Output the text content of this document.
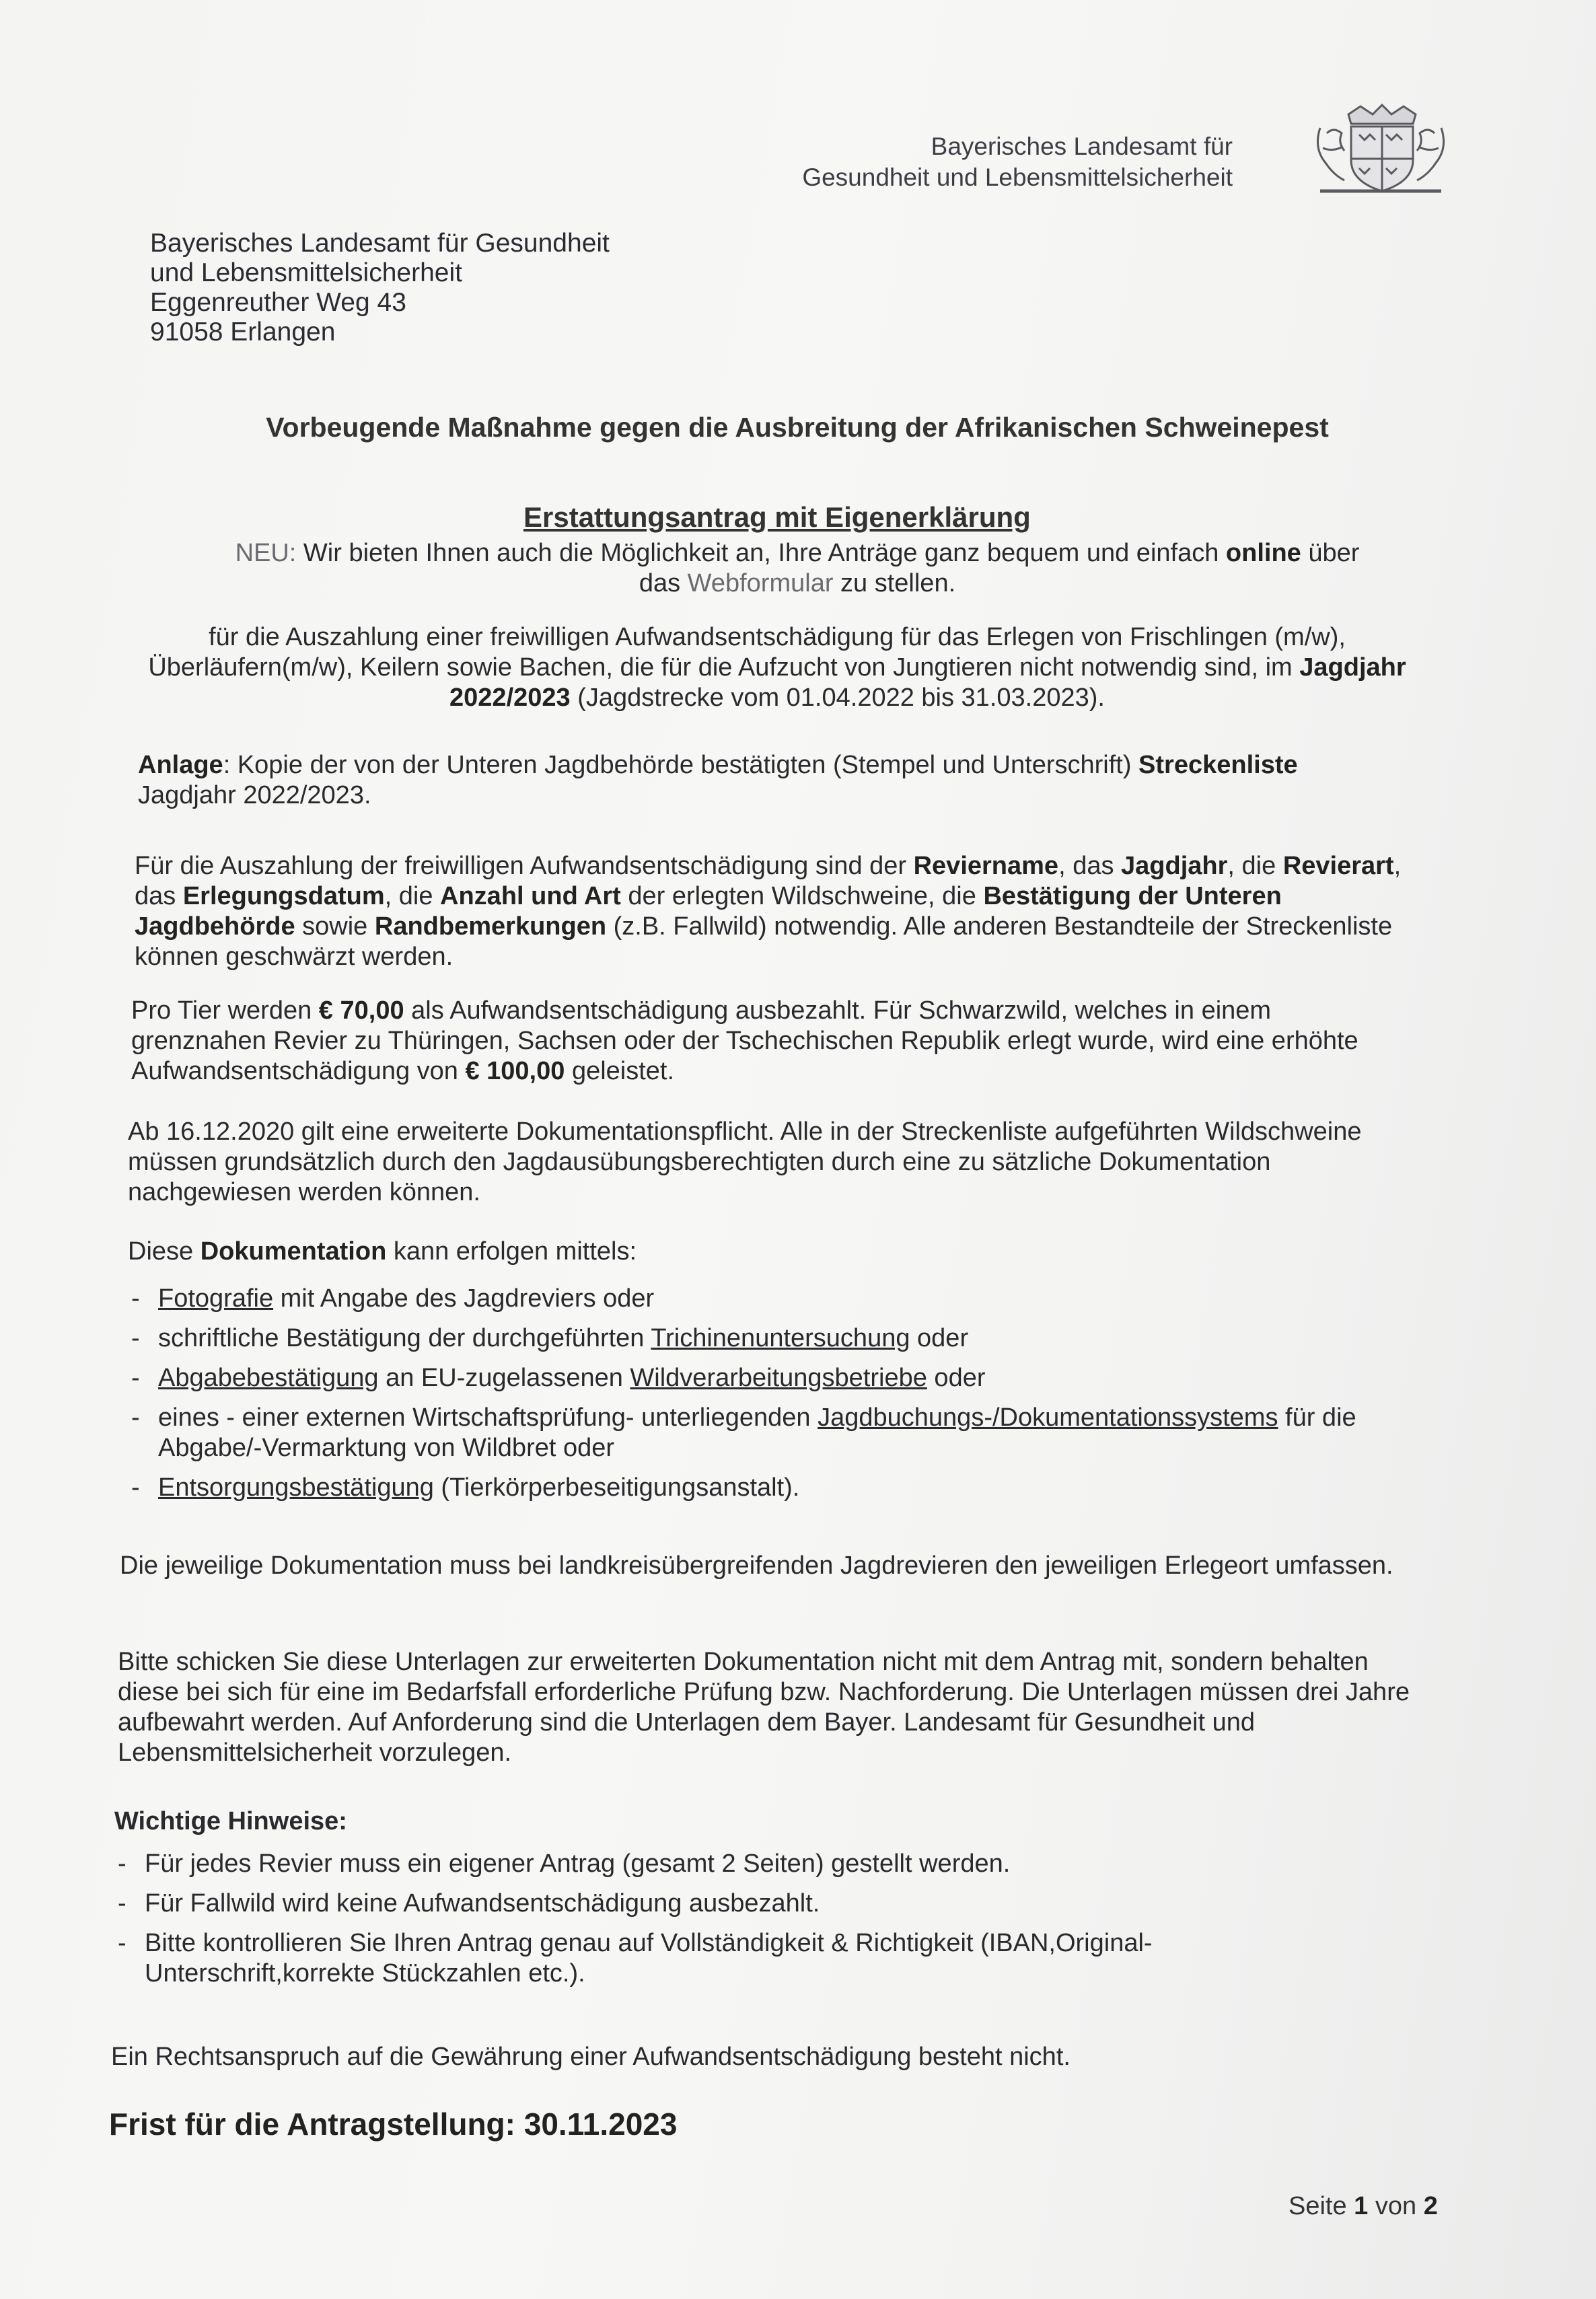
Bayerisches Landesamt für
Gesundheit und Lebensmittelsicherheit
Bayerisches Landesamt für Gesundheit
und Lebensmittelsicherheit
Eggenreuther Weg 43
91058 Erlangen
Vorbeugende Maßnahme gegen die Ausbreitung der Afrikanischen Schweinepest
Erstattungsantrag mit Eigenerklärung
NEU: Wir bieten Ihnen auch die Möglichkeit an, Ihre Anträge ganz bequem und einfach online über
das Webformular zu stellen.
für die Auszahlung einer freiwilligen Aufwandsentschädigung für das Erlegen von Frischlingen (m/w), Überläufern(m/w), Keilern sowie Bachen, die für die Aufzucht von Jungtieren nicht notwendig sind, im Jagdjahr 2022/2023 (Jagdstrecke vom 01.04.2022 bis 31.03.2023).
Anlage: Kopie der von der Unteren Jagdbehörde bestätigten (Stempel und Unterschrift) Streckenliste
Jagdjahr 2022/2023.
Für die Auszahlung der freiwilligen Aufwandsentschädigung sind der Reviername, das Jagdjahr, die Revierart, das Erlegungsdatum, die Anzahl und Art der erlegten Wildschweine, die Bestätigung der Unteren Jagdbehörde sowie Randbemerkungen (z.B. Fallwild) notwendig. Alle anderen Bestandteile der Streckenliste können geschwärzt werden.
Pro Tier werden € 70,00 als Aufwandsentschädigung ausbezahlt. Für Schwarzwild, welches in einem grenznahen Revier zu Thüringen, Sachsen oder der Tschechischen Republik erlegt wurde, wird eine erhöhte Aufwandsentschädigung von € 100,00 geleistet.
Ab 16.12.2020 gilt eine erweiterte Dokumentationspflicht. Alle in der Streckenliste aufgeführten Wildschweine müssen grundsätzlich durch den Jagdausübungsberechtigten durch eine zu sätzliche Dokumentation nachgewiesen werden können.
Diese Dokumentation kann erfolgen mittels:
- Fotografie mit Angabe des Jagdreviers oder
- schriftliche Bestätigung der durchgeführten Trichinenuntersuchung oder
- Abgabebestätigung an EU-zugelassenen Wildverarbeitungsbetriebe oder
- eines - einer externen Wirtschaftsprüfung- unterliegenden Jagdbuchungs-/Dokumentationssystems für die Abgabe/-Vermarktung von Wildbret oder
- Entsorgungsbestätigung (Tierkörperbeseitigungsanstalt).
Die jeweilige Dokumentation muss bei landkreisübergreifenden Jagdrevieren den jeweiligen Erlegeort umfassen.
Bitte schicken Sie diese Unterlagen zur erweiterten Dokumentation nicht mit dem Antrag mit, sondern behalten diese bei sich für eine im Bedarfsfall erforderliche Prüfung bzw. Nachforderung. Die Unterlagen müssen drei Jahre aufbewahrt werden. Auf Anforderung sind die Unterlagen dem Bayer. Landesamt für Gesundheit und Lebensmittelsicherheit vorzulegen.
Wichtige Hinweise:
- Für jedes Revier muss ein eigener Antrag (gesamt 2 Seiten) gestellt werden.
- Für Fallwild wird keine Aufwandsentschädigung ausbezahlt.
- Bitte kontrollieren Sie Ihren Antrag genau auf Vollständigkeit & Richtigkeit (IBAN,Original-Unterschrift,korrekte Stückzahlen etc.).
Ein Rechtsanspruch auf die Gewährung einer Aufwandsentschädigung besteht nicht.
Frist für die Antragstellung: 30.11.2023
Seite 1 von 2
